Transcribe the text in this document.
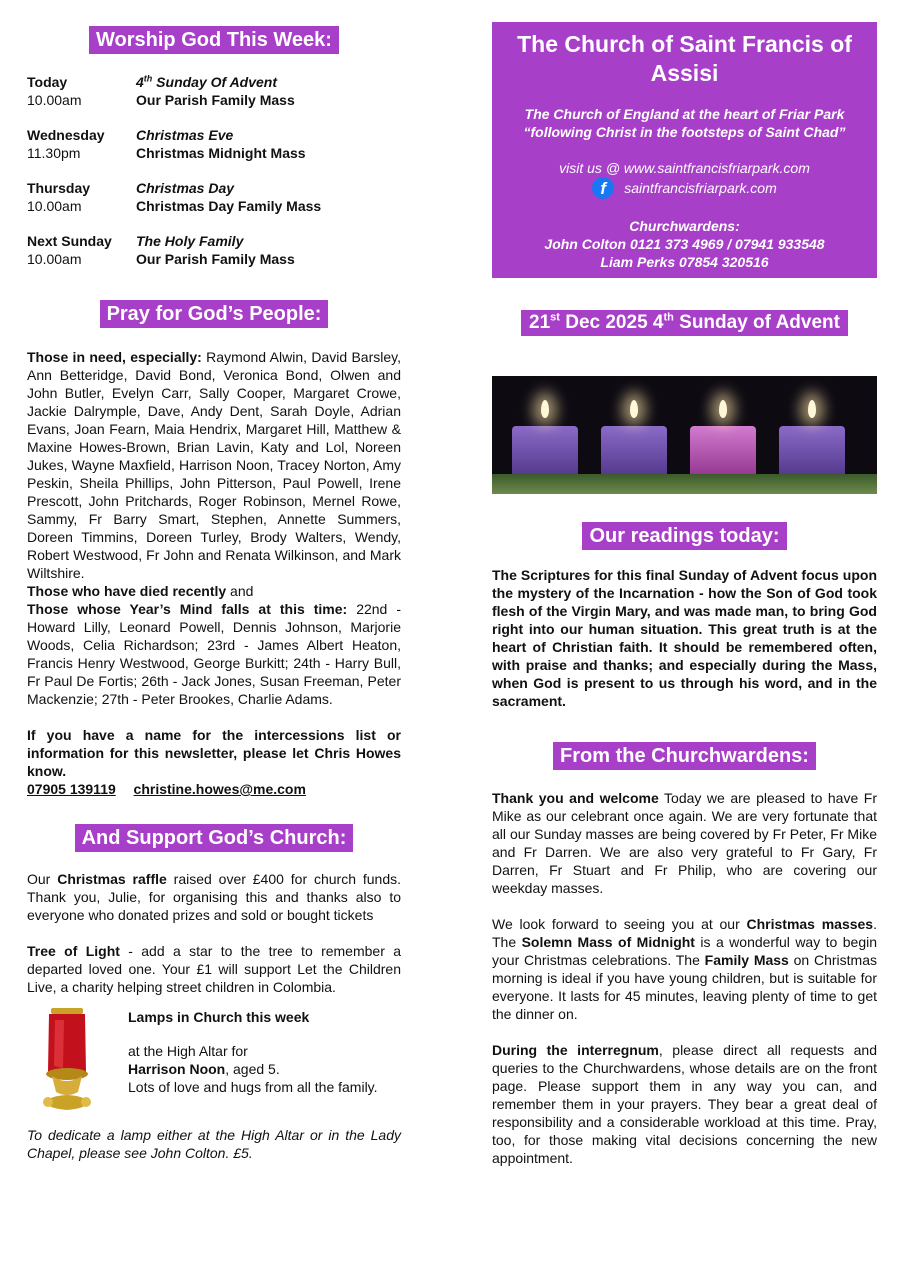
Worship God This Week:
Today	4th Sunday Of Advent
10.00am	Our Parish Family Mass
Wednesday	Christmas Eve
11.30pm	Christmas Midnight Mass
Thursday	Christmas Day
10.00am	Christmas Day Family Mass
Next Sunday	The Holy Family
10.00am	Our Parish Family Mass
Pray for God’s People:
Those in need, especially: Raymond Alwin, David Barsley, Ann Betteridge, David Bond, Veronica Bond, Olwen and John Butler, Evelyn Carr, Sally Cooper, Margaret Crowe, Jackie Dalrymple, Dave, Andy Dent, Sarah Doyle, Adrian Evans, Joan Fearn, Maia Hendrix, Margaret Hill, Matthew & Maxine Howes-Brown, Brian Lavin, Katy and Lol, Noreen Jukes, Wayne Maxfield, Harrison Noon, Tracey Norton, Amy Peskin, Sheila Phillips, John Pitterson, Paul Powell, Irene Prescott, John Pritchards, Roger Robinson, Mernel Rowe, Sammy, Fr Barry Smart, Stephen, Annette Summers, Doreen Timmins, Doreen Turley, Brody Walters, Wendy, Robert Westwood, Fr John and Renata Wilkinson, and Mark Wiltshire.
Those who have died recently and
Those whose Year’s Mind falls at this time: 22nd - Howard Lilly, Leonard Powell, Dennis Johnson, Marjorie Woods, Celia Richardson; 23rd - James Albert Heaton, Francis Henry Westwood, George Burkitt; 24th - Harry Bull, Fr Paul De Fortis; 26th - Jack Jones, Susan Freeman, Peter Mackenzie; 27th - Peter Brookes, Charlie Adams.
If you have a name for the intercessions list or information for this newsletter, please let Chris Howes know.
07905 139119 christine.howes@me.com
And Support God’s Church:
Our Christmas raffle raised over £400 for church funds. Thank you, Julie, for organising this and thanks also to everyone who donated prizes and sold or bought tickets
Tree of Light - add a star to the tree to remember a departed loved one. Your £1 will support Let the Children Live, a charity helping street children in Colombia.
Lamps in Church this week
at the High Altar for
Harrison Noon, aged 5.
Lots of love and hugs from all the family.
To dedicate a lamp either at the High Altar or in the Lady Chapel, please see John Colton. £5.
The Church of Saint Francis of Assisi
The Church of England at the heart of Friar Park
“following Christ in the footsteps of Saint Chad”
visit us @ www.saintfrancisfriarpark.com
f	saintfrancisfriarpark.com
Churchwardens:
John Colton 0121 373 4969 / 07941 933548
Liam Perks 07854 320516
21st Dec 2025 4th Sunday of Advent
Our readings today:
The Scriptures for this final Sunday of Advent focus upon the mystery of the Incarnation - how the Son of God took flesh of the Virgin Mary, and was made man, to bring God right into our human situation. This great truth is at the heart of Christian faith. It should be remembered often, with praise and thanks; and especially during the Mass, when God is present to us through his word, and in the sacrament.
From the Churchwardens:
Thank you and welcome Today we are pleased to have Fr Mike as our celebrant once again. We are very fortunate that all our Sunday masses are being covered by Fr Peter, Fr Mike and Fr Darren. We are also very grateful to Fr Gary, Fr Darren, Fr Stuart and Fr Philip, who are covering our weekday masses.
We look forward to seeing you at our Christmas masses. The Solemn Mass of Midnight is a wonderful way to begin your Christmas celebrations. The Family Mass on Christmas morning is ideal if you have young children, but is suitable for everyone. It lasts for 45 minutes, leaving plenty of time to get the dinner on.
During the interregnum, please direct all requests and queries to the Churchwardens, whose details are on the front page. Please support them in any way you can, and remember them in your prayers. They bear a great deal of responsibility and a considerable workload at this time. Pray, too, for those making vital decisions concerning the new appointment.
